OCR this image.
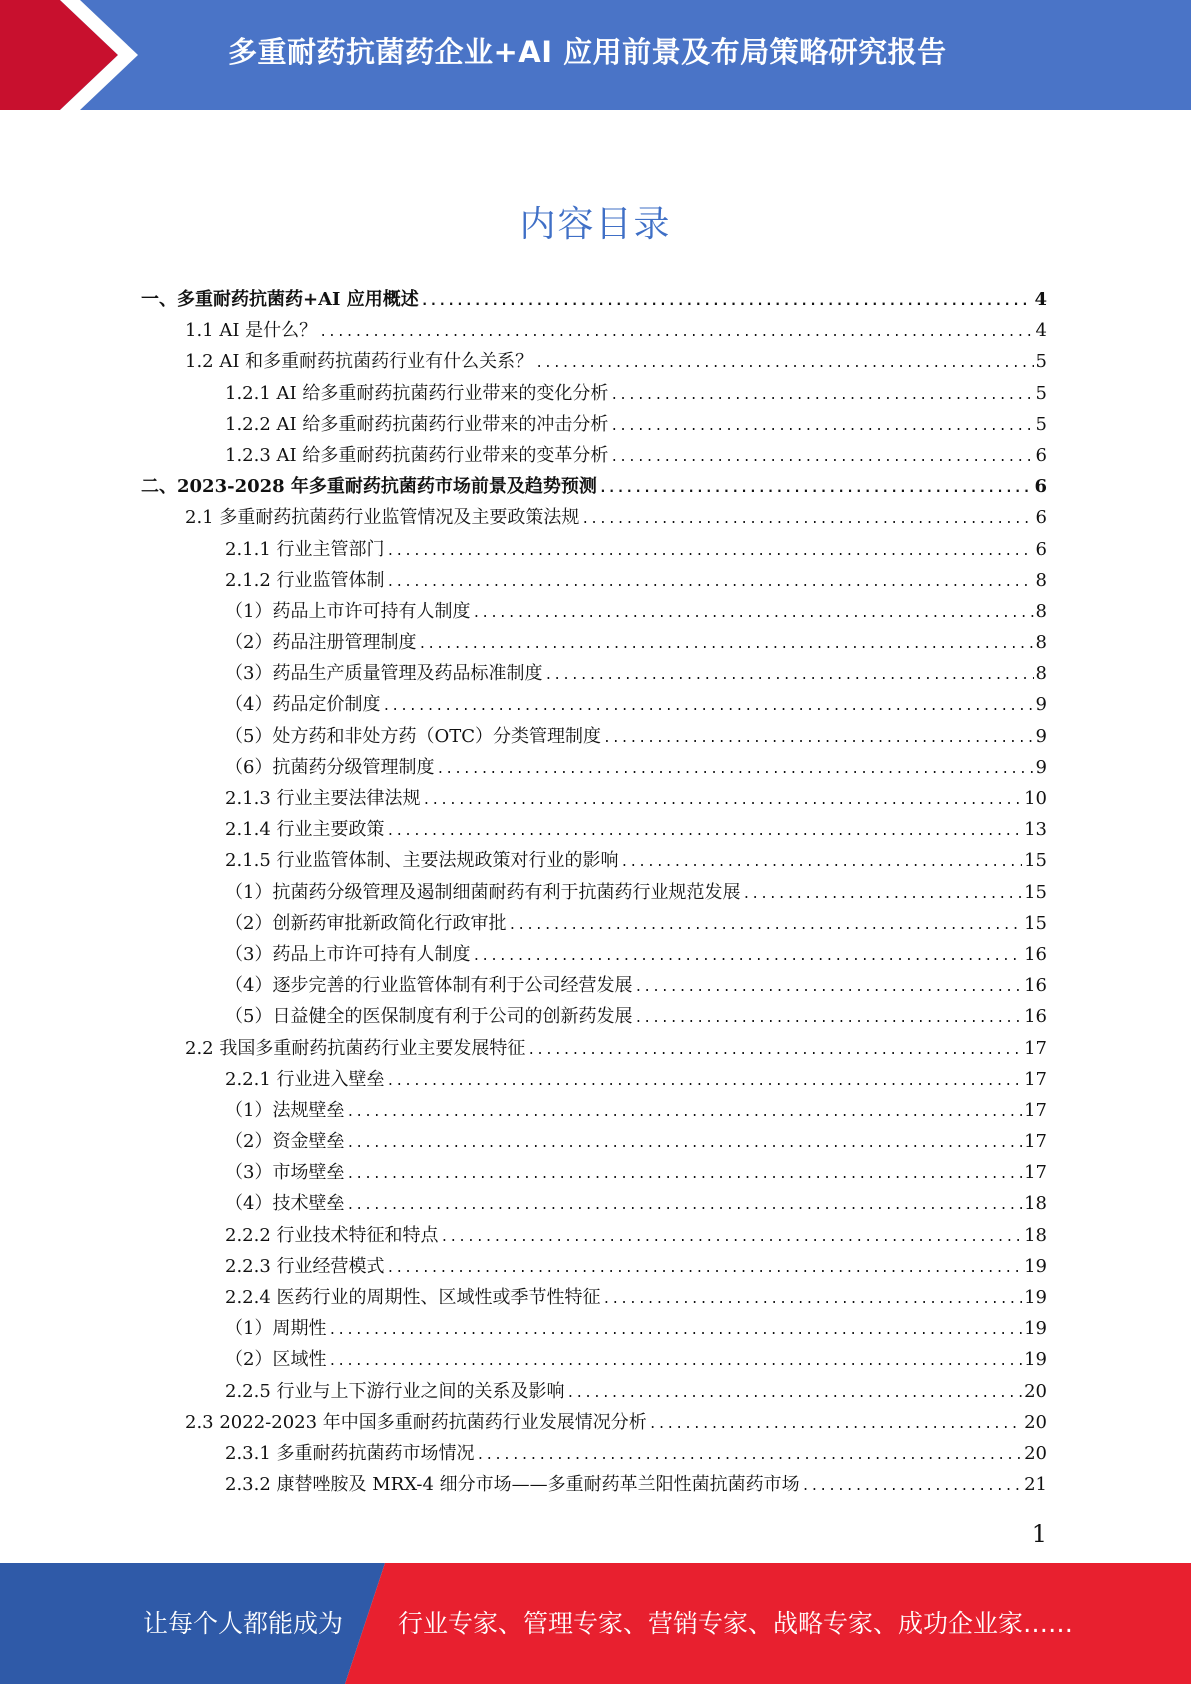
多重耐药抗菌药企业+AI 应用前景及布局策略研究报告
内容目录
一、多重耐药抗菌药+AI 应用概述 .....	4
1.1 AI 是什么？ .....	4
1.2 AI 和多重耐药抗菌药行业有什么关系？ .....	5
1.2.1 AI 给多重耐药抗菌药行业带来的变化分析 .....	5
1.2.2 AI 给多重耐药抗菌药行业带来的冲击分析 .....	5
1.2.3 AI 给多重耐药抗菌药行业带来的变革分析 .....	6
二、2023-2028 年多重耐药抗菌药市场前景及趋势预测 .....	6
2.1 多重耐药抗菌药行业监管情况及主要政策法规 .....	6
2.1.1 行业主管部门 .....	6
2.1.2 行业监管体制 .....	8
（1）药品上市许可持有人制度 .....	8
（2）药品注册管理制度 .....	8
（3）药品生产质量管理及药品标准制度 .....	8
（4）药品定价制度 .....	9
（5）处方药和非处方药（OTC）分类管理制度 .....	9
（6）抗菌药分级管理制度 .....	9
2.1.3 行业主要法律法规 .....	10
2.1.4 行业主要政策 .....	13
2.1.5 行业监管体制、主要法规政策对行业的影响 .....	15
（1）抗菌药分级管理及遏制细菌耐药有利于抗菌药行业规范发展 .....	15
（2）创新药审批新政简化行政审批 .....	15
（3）药品上市许可持有人制度 .....	16
（4）逐步完善的行业监管体制有利于公司经营发展 .....	16
（5）日益健全的医保制度有利于公司的创新药发展 .....	16
2.2 我国多重耐药抗菌药行业主要发展特征 .....	17
2.2.1 行业进入壁垒 .....	17
（1）法规壁垒 .....	17
（2）资金壁垒 .....	17
（3）市场壁垒 .....	17
（4）技术壁垒 .....	18
2.2.2 行业技术特征和特点 .....	18
2.2.3 行业经营模式 .....	19
2.2.4 医药行业的周期性、区域性或季节性特征 .....	19
（1）周期性 .....	19
（2）区域性 .....	19
2.2.5 行业与上下游行业之间的关系及影响 .....	20
2.3 2022-2023 年中国多重耐药抗菌药行业发展情况分析 .....	20
2.3.1 多重耐药抗菌药市场情况 .....	20
2.3.2 康替唑胺及 MRX-4 细分市场——多重耐药革兰阳性菌抗菌药市场 .....	21
1
让每个人都能成为 行业专家、管理专家、营销专家、战略专家、成功企业家……
